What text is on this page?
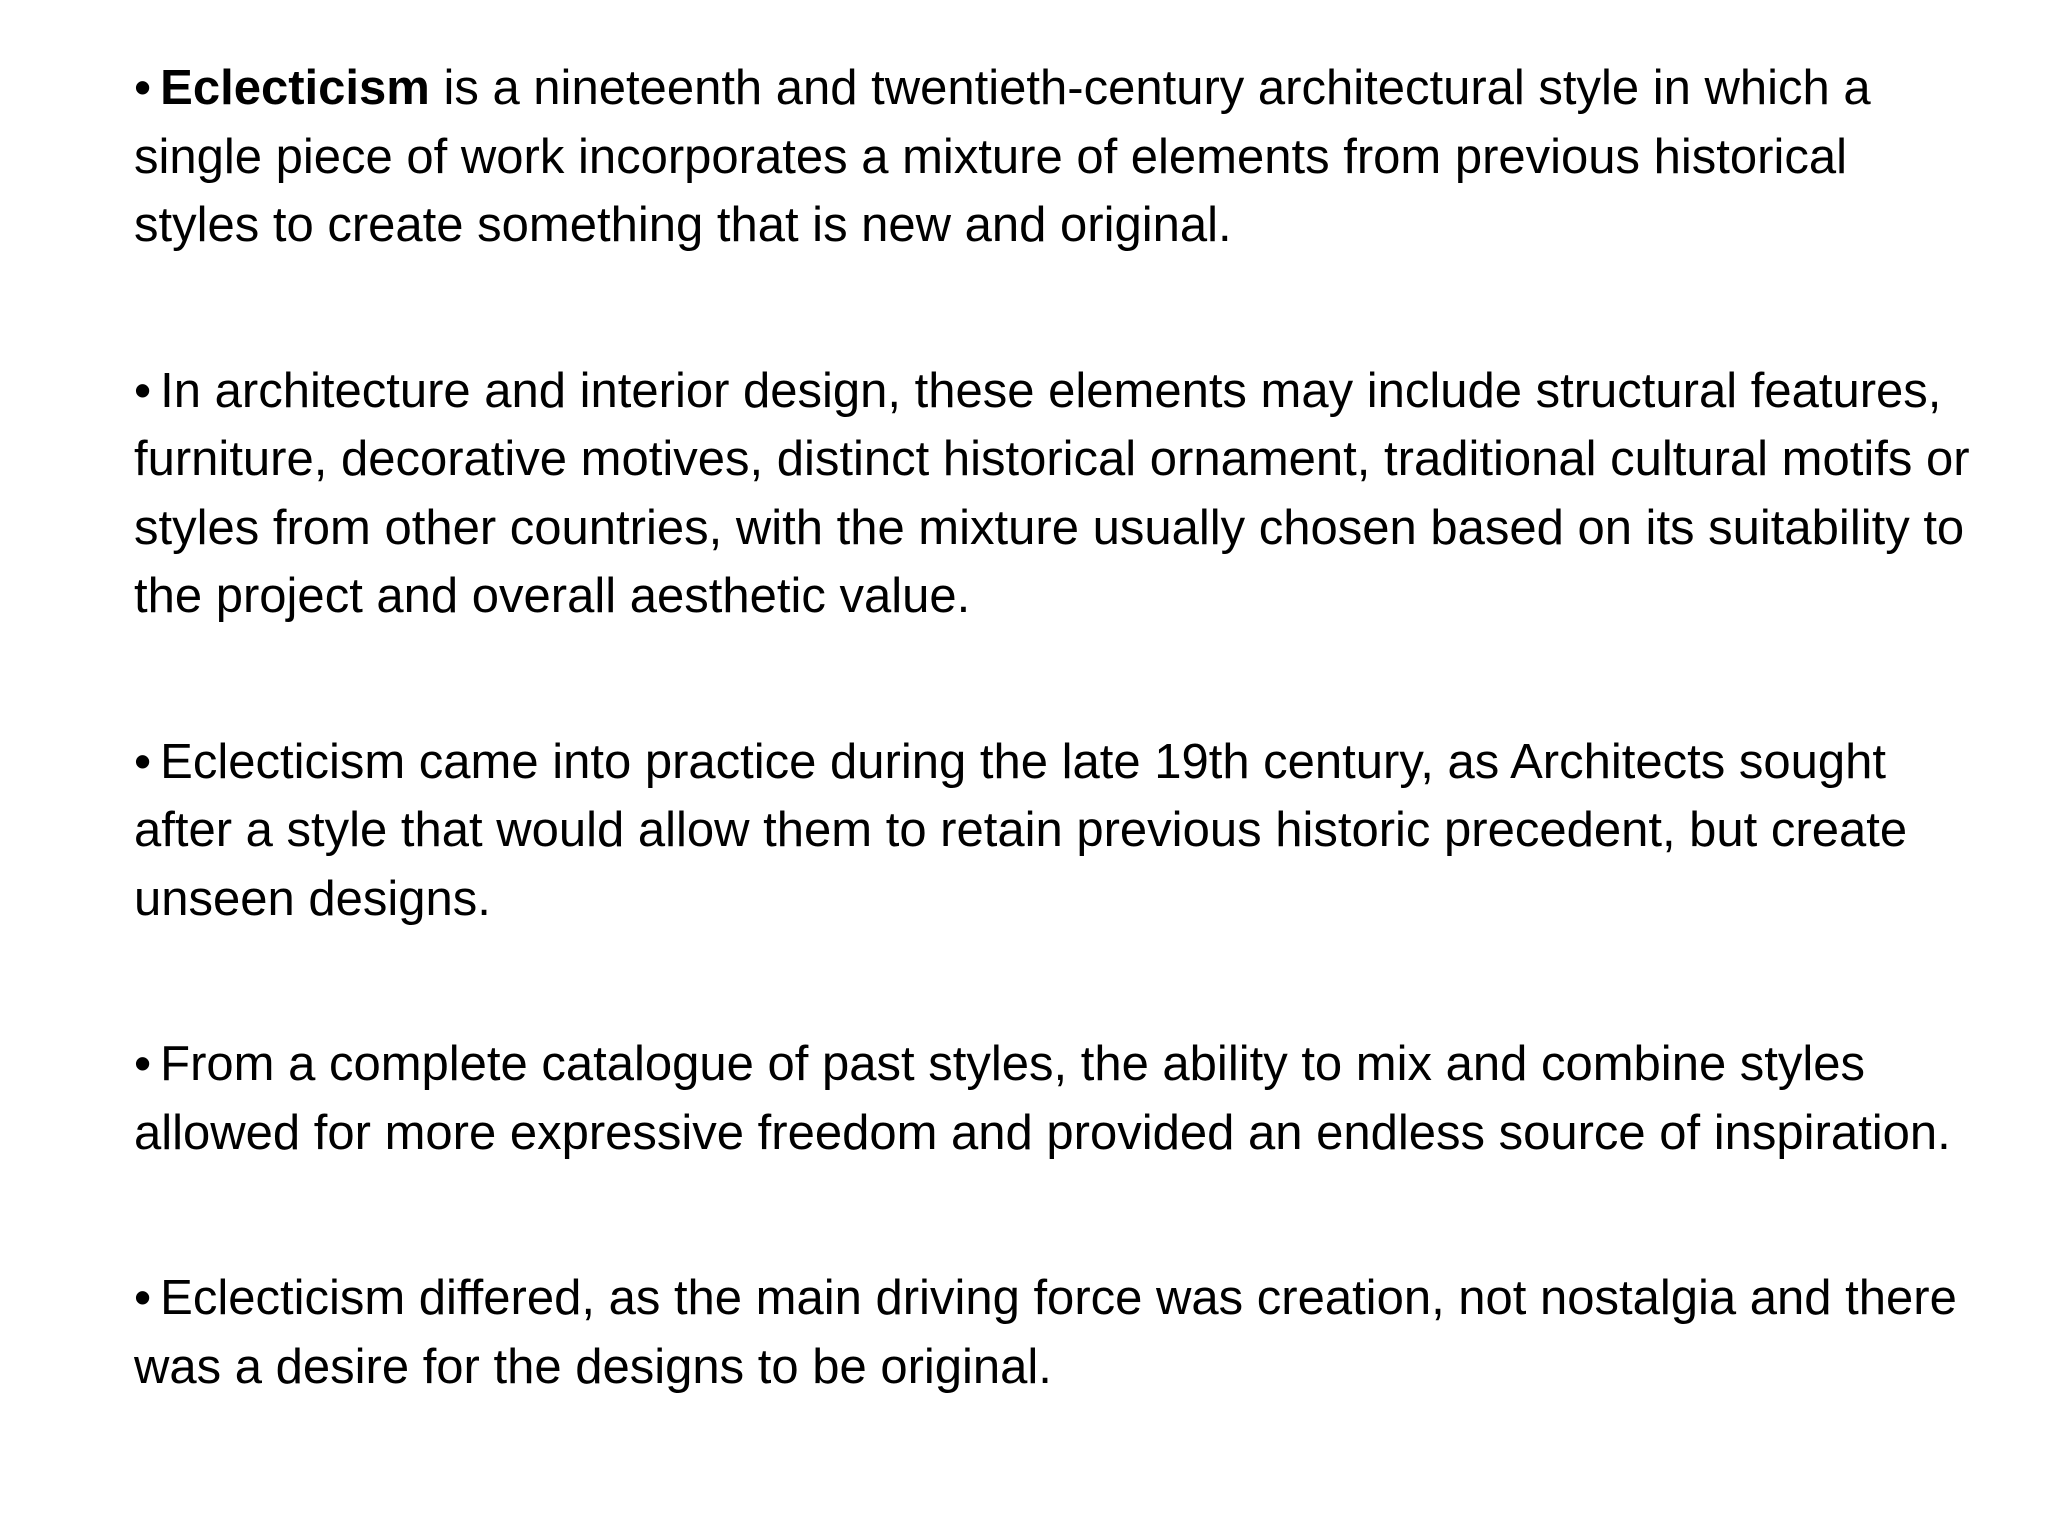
• Eclecticism is a nineteenth and twentieth-century architectural style in which a single piece of work incorporates a mixture of elements from previous historical styles to create something that is new and original.

• In architecture and interior design, these elements may include structural features, furniture, decorative motives, distinct historical ornament, traditional cultural motifs or styles from other countries, with the mixture usually chosen based on its suitability to the project and overall aesthetic value.

• Eclecticism came into practice during the late 19th century, as Architects sought after a style that would allow them to retain previous historic precedent, but create unseen designs.

• From a complete catalogue of past styles, the ability to mix and combine styles allowed for more expressive freedom and provided an endless source of inspiration.

• Eclecticism differed, as the main driving force was creation, not nostalgia and there was a desire for the designs to be original.
